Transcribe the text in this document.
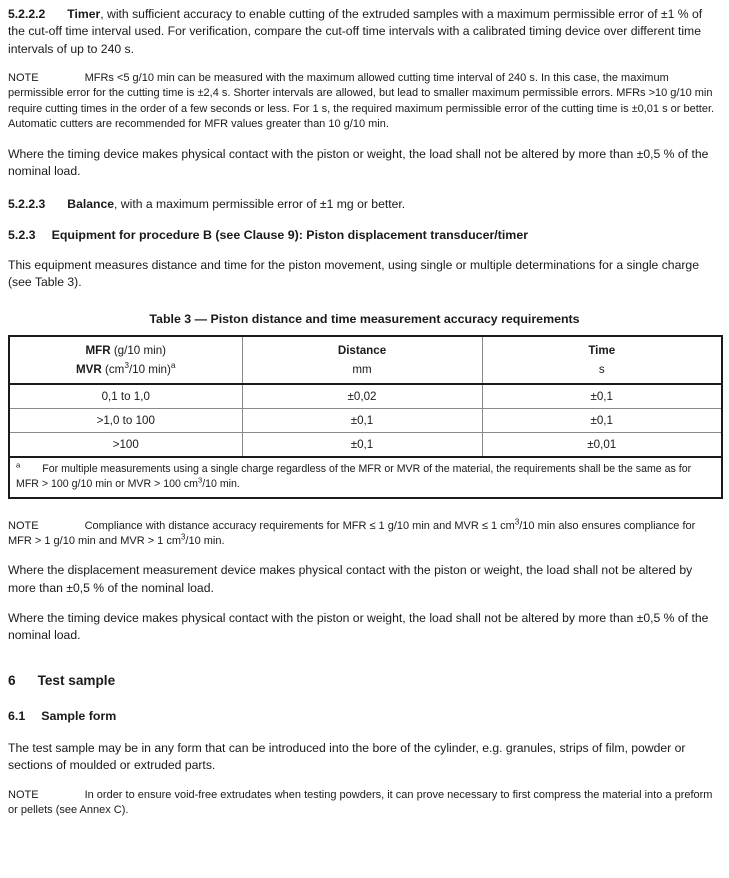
5.2.2.2 Timer, with sufficient accuracy to enable cutting of the extruded samples with a maximum permissible error of ±1 % of the cut-off time interval used. For verification, compare the cut-off time intervals with a calibrated timing device over different time intervals of up to 240 s.

NOTE	MFRs <5 g/10 min can be measured with the maximum allowed cutting time interval of 240 s. In this case, the maximum permissible error for the cutting time is ±2,4 s. Shorter intervals are allowed, but lead to smaller maximum permissible errors. MFRs >10 g/10 min require cutting times in the order of a few seconds or less. For 1 s, the required maximum permissible error of the cutting time is ±0,01 s or better. Automatic cutters are recommended for MFR values greater than 10 g/10 min.

Where the timing device makes physical contact with the piston or weight, the load shall not be altered by more than ±0,5 % of the nominal load.

5.2.2.3 Balance, with a maximum permissible error of ±1 mg or better.

5.2.3 Equipment for procedure B (see Clause 9): Piston displacement transducer/timer

This equipment measures distance and time for the piston movement, using single or multiple determinations for a single charge (see Table 3).

Table 3 — Piston distance and time measurement accuracy requirements
MFR (g/10 min)	Distance	Time
MVR ($cm^3/10$ min)$^a$	mm	s
0,1 to 1,0	±0,02	±0,1
>1,0 to 100	±0,1	±0,1
>100	±0,1	±0,01
$^a$ For multiple measurements using a single charge regardless of the MFR or MVR of the material, the requirements shall be the same as for MFR > 100 g/10 min or MVR > 100 $cm^3/10$ min.		

NOTE	Compliance with distance accuracy requirements for MFR ≤ 1 g/10 min and MVR ≤ 1 $cm^3/10$ min also ensures compliance for MFR > 1 g/10 min and MVR > 1 $cm^3/10$ min.

Where the displacement measurement device makes physical contact with the piston or weight, the load shall not be altered by more than ±0,5 % of the nominal load.

Where the timing device makes physical contact with the piston or weight, the load shall not be altered by more than ±0,5 % of the nominal load.

6 Test sample
6.1 Sample form

The test sample may be in any form that can be introduced into the bore of the cylinder, e.g. granules, strips of film, powder or sections of moulded or extruded parts.

NOTE	In order to ensure void-free extrudates when testing powders, it can prove necessary to first compress the material into a preform or pellets (see Annex C).
